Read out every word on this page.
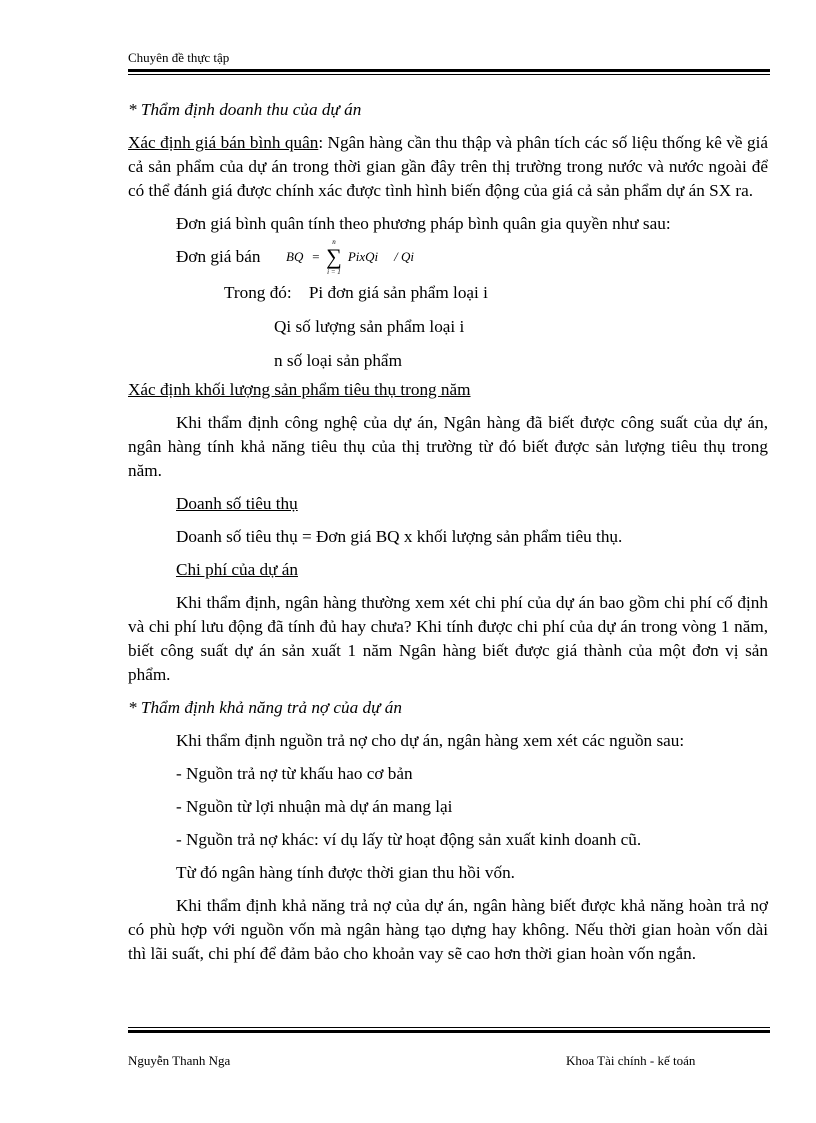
Chuyên đề thực tập

* Thẩm định doanh thu của dự án

Xác định giá bán bình quân: Ngân hàng cần thu thập và phân tích các số liệu thống kê về giá cả sản phẩm của dự án trong thời gian gần đây trên thị trường trong nước và nước ngoài để có thể đánh giá được chính xác được tình hình biến động của giá cả sản phẩm dự án SX ra.

Đơn giá bình quân tính theo phương pháp bình quân gia quyền như sau:

Đơn giá bán	BQ =
n
∑
i = 1
PixQi / Qi

Trong đó: Pi đơn giá sản phẩm loại i

Qi số lượng sản phẩm loại i

n số loại sản phẩm

Xác định khối lượng sản phẩm tiêu thụ trong năm

Khi thẩm định công nghệ của dự án, Ngân hàng đã biết được công suất của dự án, ngân hàng tính khả năng tiêu thụ của thị trường từ đó biết được sản lượng tiêu thụ trong năm.

Doanh số tiêu thụ

Doanh số tiêu thụ = Đơn giá BQ x khối lượng sản phẩm tiêu thụ.

Chi phí của dự án

Khi thẩm định, ngân hàng thường xem xét chi phí của dự án bao gồm chi phí cố định và chi phí lưu động đã tính đủ hay chưa? Khi tính được chi phí của dự án trong vòng 1 năm, biết công suất dự án sản xuất 1 năm Ngân hàng biết được giá thành của một đơn vị sản phẩm.

* Thẩm định khả năng trả nợ của dự án

Khi thẩm định nguồn trả nợ cho dự án, ngân hàng xem xét các nguồn sau:

- Nguồn trả nợ từ khấu hao cơ bản

- Nguồn từ lợi nhuận mà dự án mang lại

- Nguồn trả nợ khác: ví dụ lấy từ hoạt động sản xuất kinh doanh cũ.

Từ đó ngân hàng tính được thời gian thu hồi vốn.

Khi thẩm định khả năng trả nợ của dự án, ngân hàng biết được khả năng hoàn trả nợ có phù hợp với nguồn vốn mà ngân hàng tạo dựng hay không. Nếu thời gian hoàn vốn dài thì lãi suất, chi phí để đảm bảo cho khoản vay sẽ cao hơn thời gian hoàn vốn ngắn.

Nguyễn Thanh Nga	Khoa Tài chính - kế toán
